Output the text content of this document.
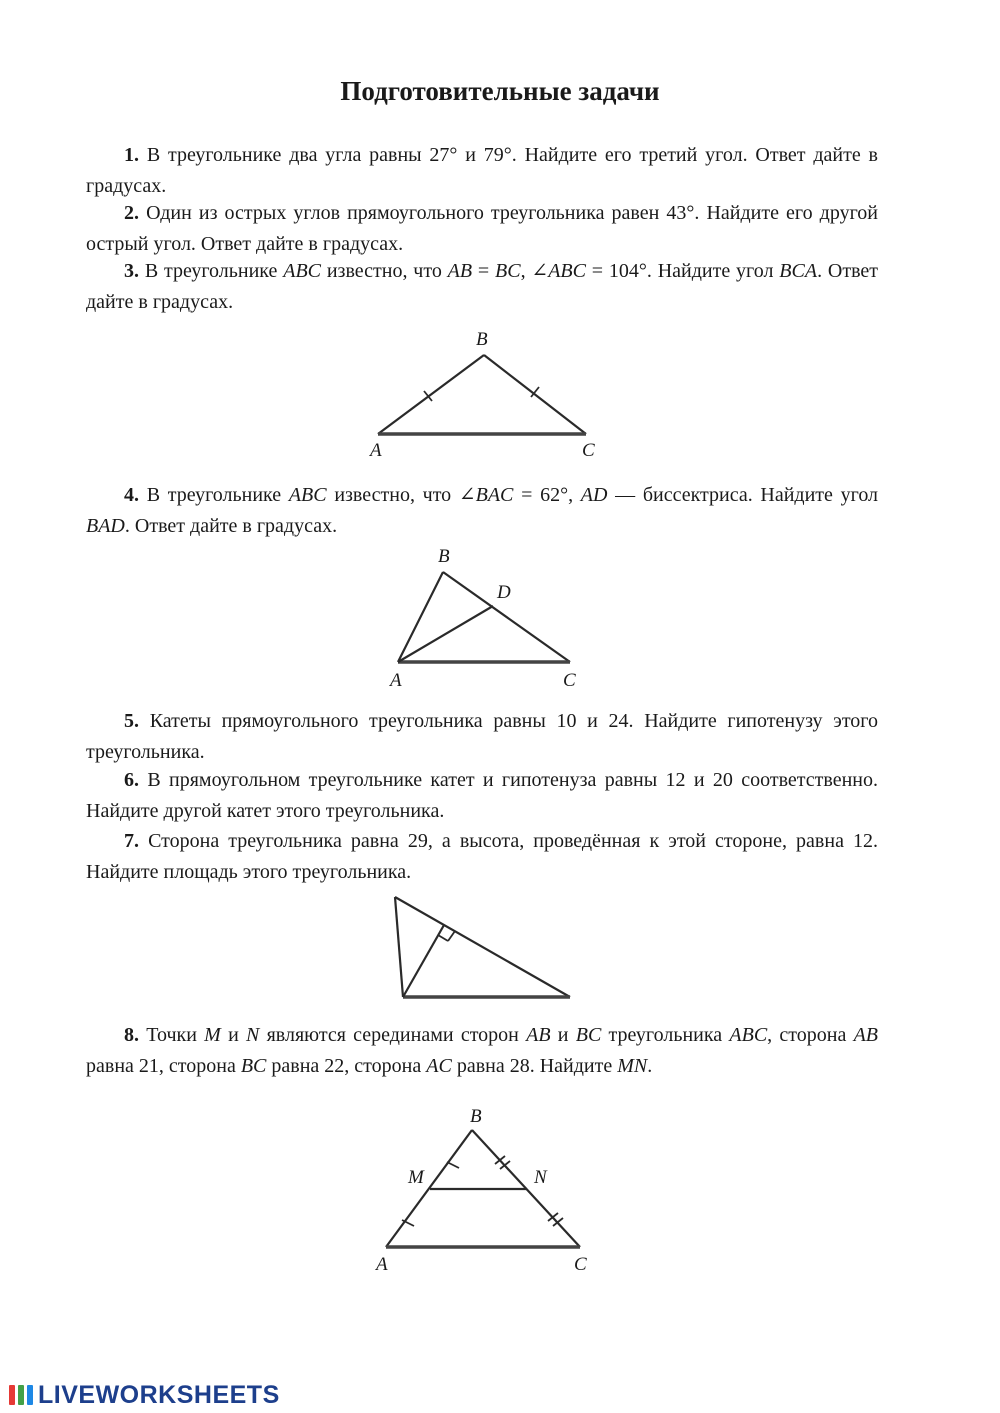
Подготовительные задачи
1. В треугольнике два угла равны 27° и 79°. Найдите его третий угол. Ответ дайте в градусах.
2. Один из острых углов прямоугольного треугольника равен 43°. Найдите его другой острый угол. Ответ дайте в градусах.
3. В треугольнике ABC известно, что AB = BC, ∠ABC = 104°. Найдите угол BCA. Ответ дайте в градусах.
B
A	C
4. В треугольнике ABC известно, что ∠BAC = 62°, AD — биссектриса. Найдите угол BAD. Ответ дайте в градусах.
B
D
A	C
5. Катеты прямоугольного треугольника равны 10 и 24. Найдите гипотенузу этого треугольника.
6. В прямоугольном треугольнике катет и гипотенуза равны 12 и 20 соответственно. Найдите другой катет этого треугольника.
7. Сторона треугольника равна 29, а высота, проведённая к этой стороне, равна 12. Найдите площадь этого треугольника.
8. Точки M и N являются серединами сторон AB и BC треугольника ABC, сторона AB равна 21, сторона BC равна 22, сторона AC равна 28. Найдите MN.
B
M	N
A	C
LIVEWORKSHEETS
